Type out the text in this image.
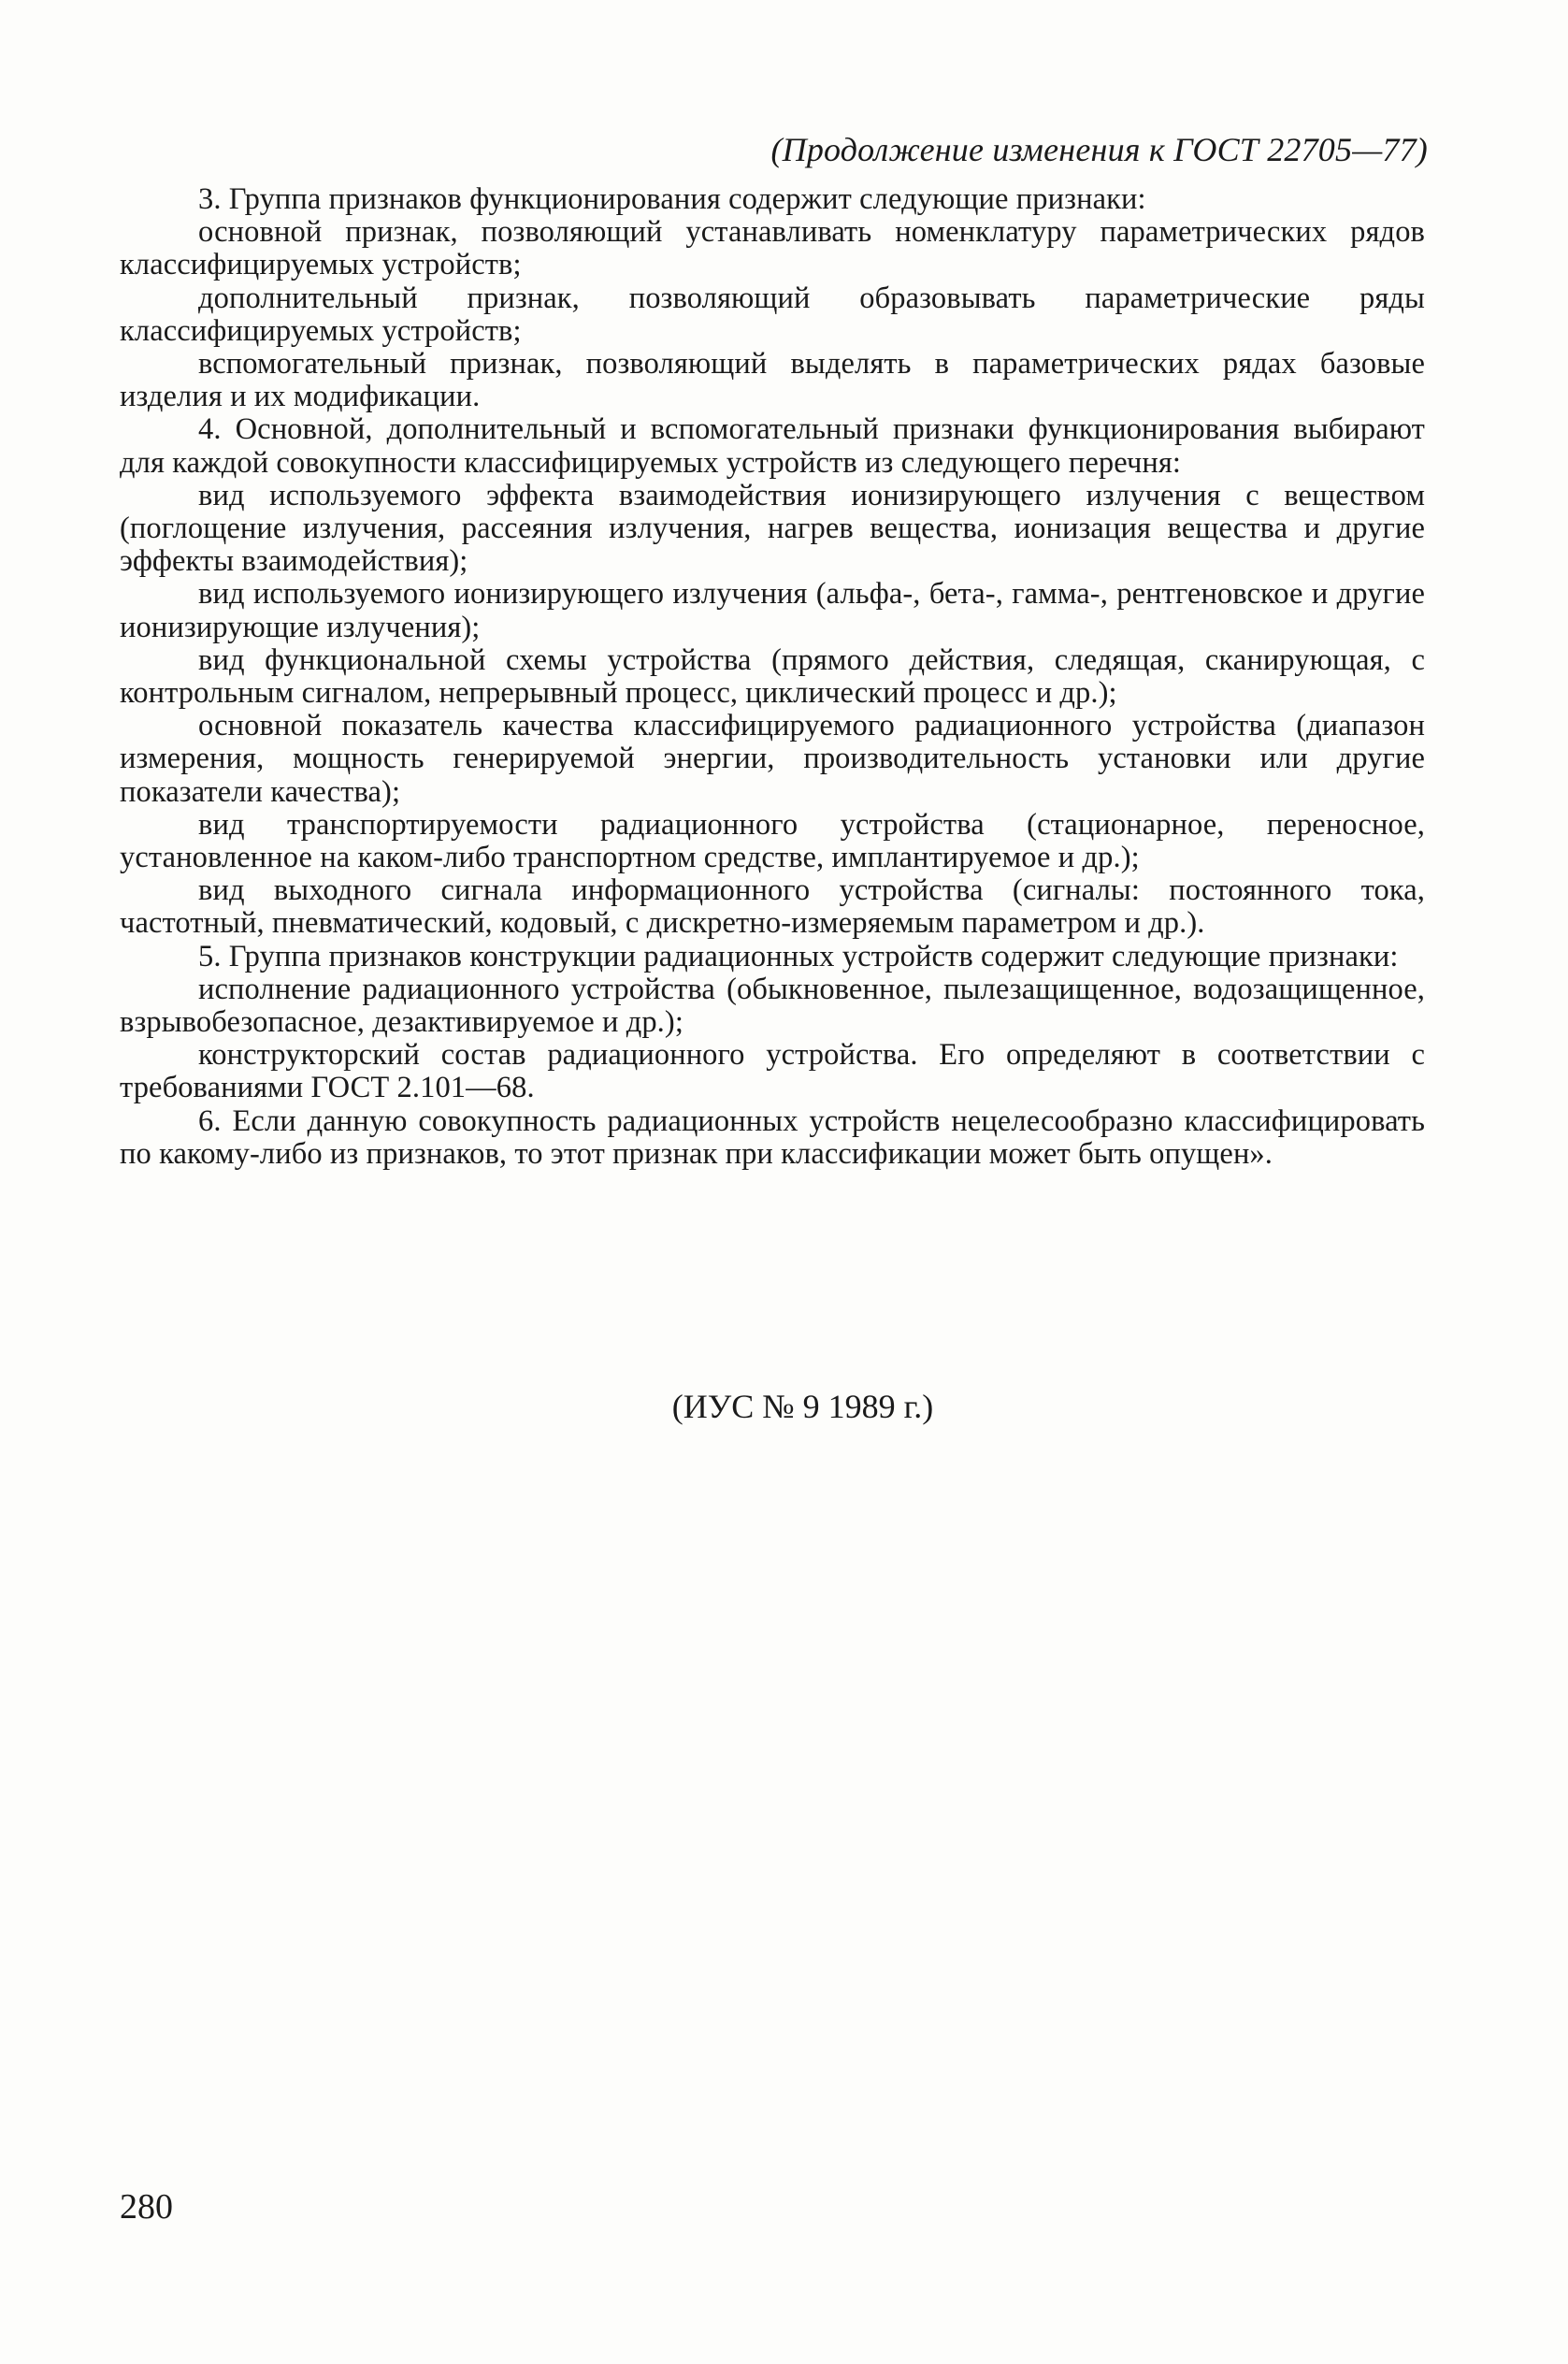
(Продолжение изменения к ГОСТ 22705—77)

3. Группа признаков функционирования содержит следующие признаки:

основной признак, позволяющий устанавливать номенклатуру параметрических рядов классифицируемых устройств;

дополнительный признак, позволяющий образовывать параметрические ряды классифицируемых устройств;

вспомогательный признак, позволяющий выделять в параметрических рядах базовые изделия и их модификации.

4. Основной, дополнительный и вспомогательный признаки функционирования выбирают для каждой совокупности классифицируемых устройств из следующего перечня:

вид используемого эффекта взаимодействия ионизирующего излучения с веществом (поглощение излучения, рассеяния излучения, нагрев вещества, ионизация вещества и другие эффекты взаимодействия);

вид используемого ионизирующего излучения (альфа-, бета-, гамма-, рентгеновское и другие ионизирующие излучения);

вид функциональной схемы устройства (прямого действия, следящая, сканирующая, с контрольным сигналом, непрерывный процесс, циклический процесс и др.);

основной показатель качества классифицируемого радиационного устройства (диапазон измерения, мощность генерируемой энергии, производительность установки или другие показатели качества);

вид транспортируемости радиационного устройства (стационарное, переносное, установленное на каком-либо транспортном средстве, имплантируемое и др.);

вид выходного сигнала информационного устройства (сигналы: постоянного тока, частотный, пневматический, кодовый, с дискретно-измеряемым параметром и др.).

5. Группа признаков конструкции радиационных устройств содержит следующие признаки:

исполнение радиационного устройства (обыкновенное, пылезащищенное, водозащищенное, взрывобезопасное, дезактивируемое и др.);

конструкторский состав радиационного устройства. Его определяют в соответствии с требованиями ГОСТ 2.101—68.

6. Если данную совокупность радиационных устройств нецелесообразно классифицировать по какому-либо из признаков, то этот признак при классификации может быть опущен».

(ИУС № 9 1989 г.)
280
